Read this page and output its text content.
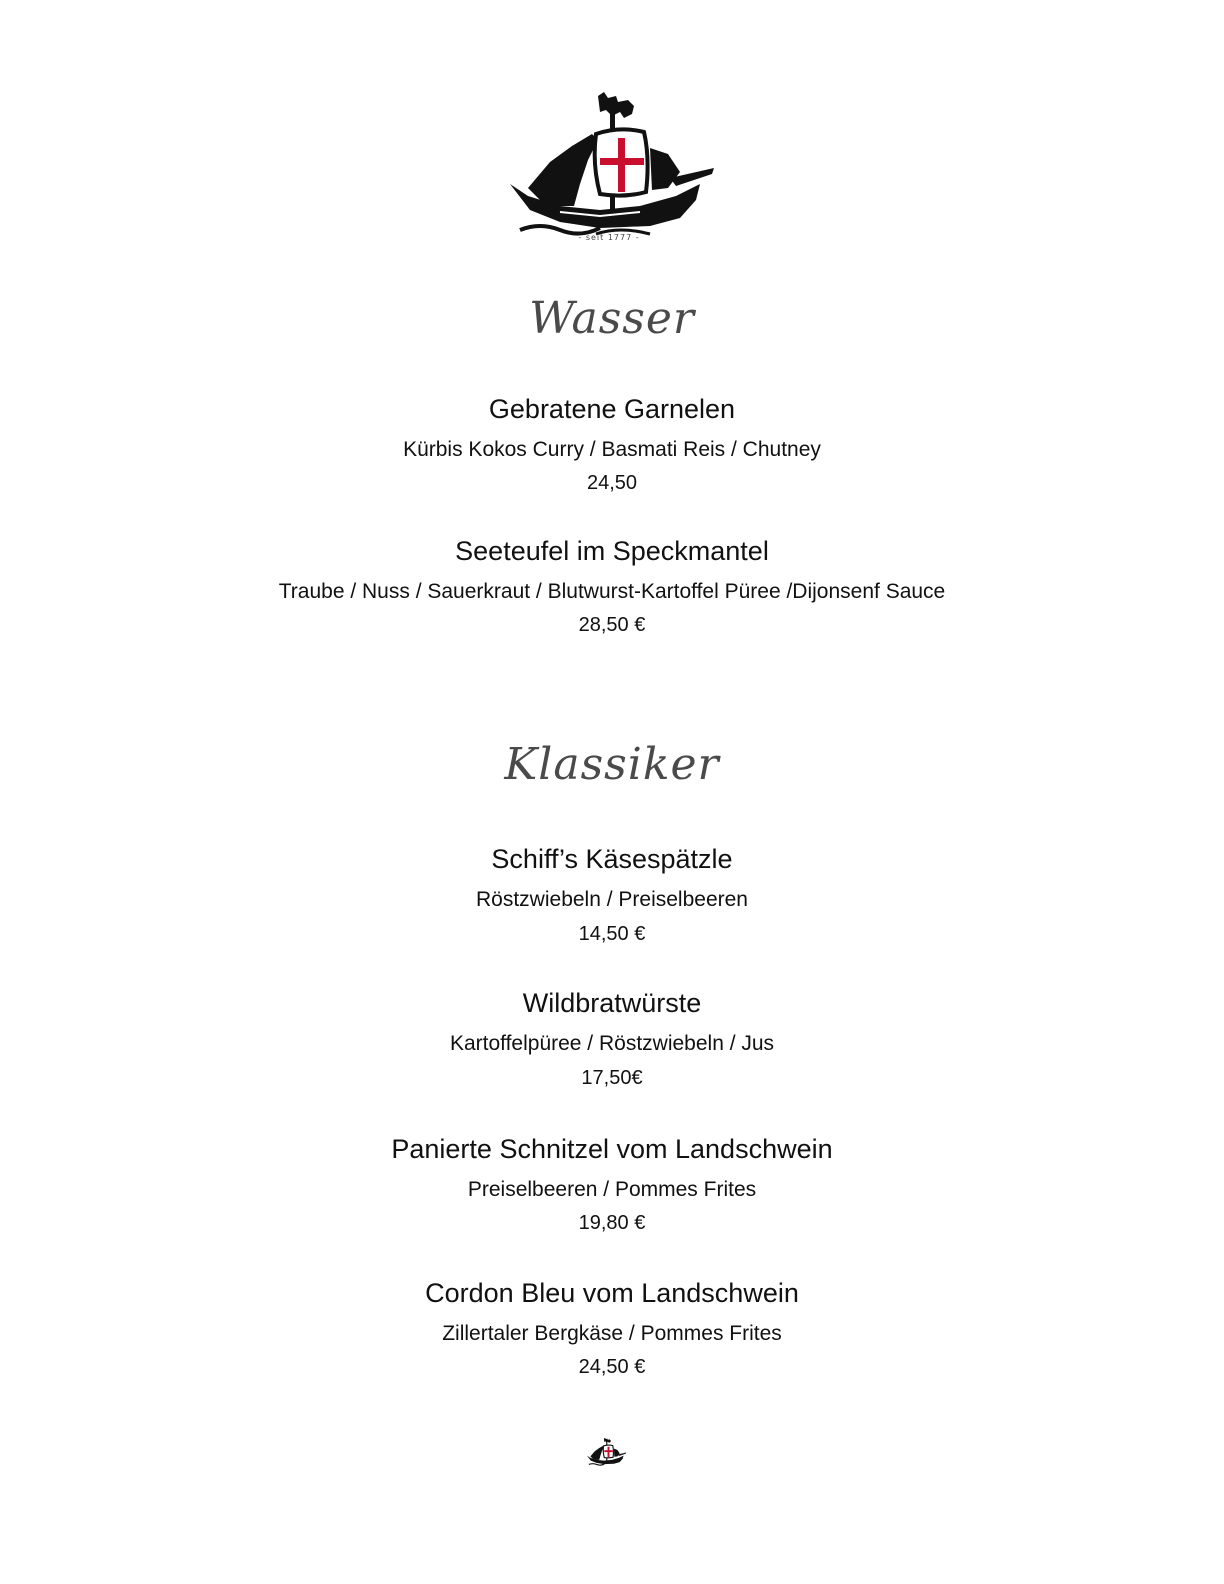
- seit 1777 -
Wasser
Gebratene Garnelen
Kürbis Kokos Curry / Basmati Reis / Chutney
24,50
Seeteufel im Speckmantel
Traube / Nuss / Sauerkraut / Blutwurst-Kartoffel Püree /Dijonsenf Sauce
28,50 €
Klassiker
Schiff’s Käsespätzle
Röstzwiebeln / Preiselbeeren
14,50 €
Wildbratwürste
Kartoffelpüree / Röstzwiebeln / Jus
17,50€
Panierte Schnitzel vom Landschwein
Preiselbeeren / Pommes Frites
19,80 €
Cordon Bleu vom Landschwein
Zillertaler Bergkäse / Pommes Frites
24,50 €
